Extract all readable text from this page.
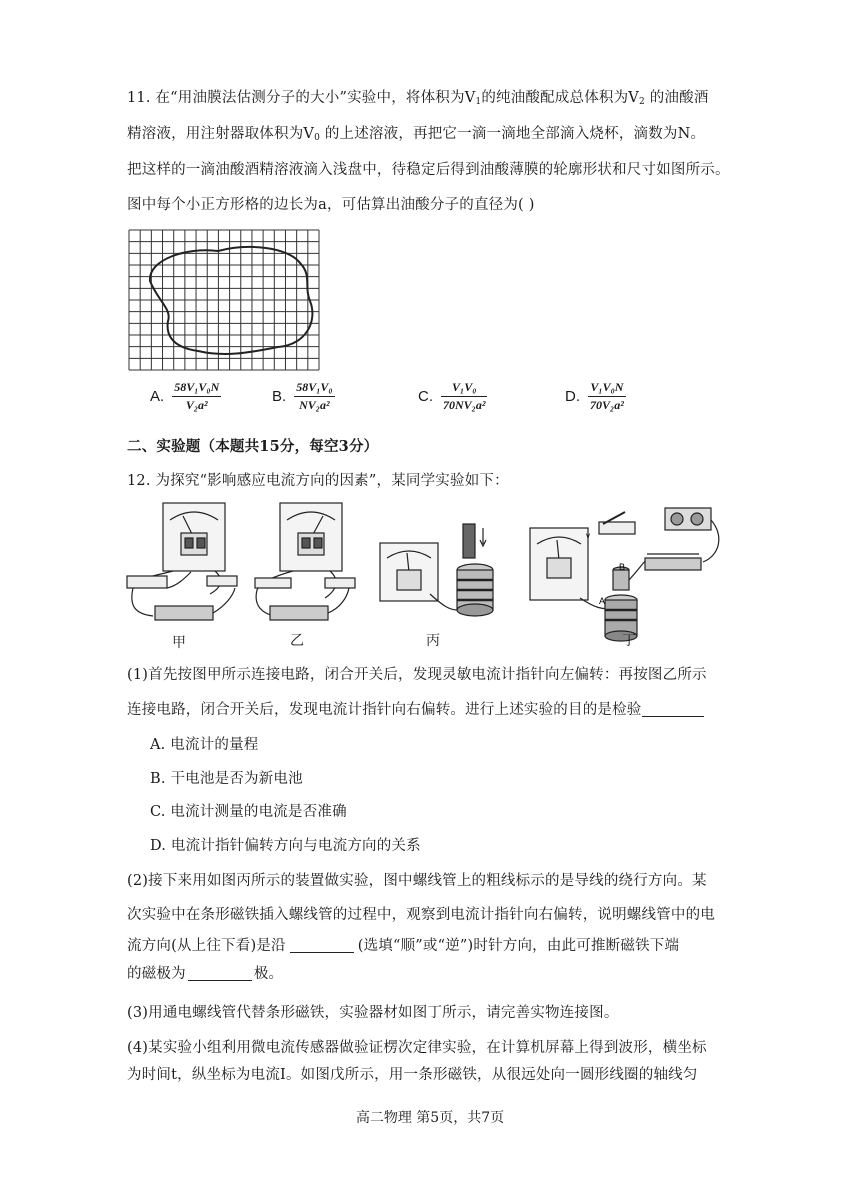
11. 在“用油膜法估测分子的大小”实验中，将体积为$V_1$的纯油酸配成总体积为$V_2$ 的油酸酒
精溶液，用注射器取体积为$V_0$ 的上述溶液，再把它一滴一滴地全部滴入烧杯，滴数为N。
把这样的一滴油酸酒精溶液滴入浅盘中，待稳定后得到油酸薄膜的轮廓形状和尺寸如图所示。
图中每个小正方形格的边长为a，可估算出油酸分子的直径为( )
A. $\frac{\text{58V₁V₀N}}{\text{V₂a²}}$	B. $\frac{\text{58V₁V₀}}{\text{NV₂a²}}$	C. $\frac{\text{V₁V₀}}{\text{70NV₂a²}}$	D. $\frac{\text{V₁V₀N}}{\text{70V₂a²}}$
二、实验题（本题共15分，每空3分）
12. 为探究“影响感应电流方向的因素”，某同学实验如下：
v
B
A
甲	乙	丙	丁
(1)首先按图甲所示连接电路，闭合开关后，发现灵敏电流计指针向左偏转：再按图乙所示
连接电路，闭合开关后，发现电流计指针向右偏转。进行上述实验的目的是检验
A. 电流计的量程
B. 干电池是否为新电池
C. 电流计测量的电流是否准确
D. 电流计指针偏转方向与电流方向的关系
(2)接下来用如图丙所示的装置做实验，图中螺线管上的粗线标示的是导线的绕行方向。某
次实验中在条形磁铁插入螺线管的过程中，观察到电流计指针向右偏转，说明螺线管中的电
流方向(从上往下看)是沿	(选填“顺”或“逆”)时针方向，由此可推断磁铁下端
的磁极为	极。
(3)用通电螺线管代替条形磁铁，实验器材如图丁所示，请完善实物连接图。
(4)某实验小组利用微电流传感器做验证楞次定律实验，在计算机屏幕上得到波形，横坐标
为时间t，纵坐标为电流I。如图戊所示，用一条形磁铁，从很远处向一圆形线圈的轴线匀
高二物理 第5页，共7页
